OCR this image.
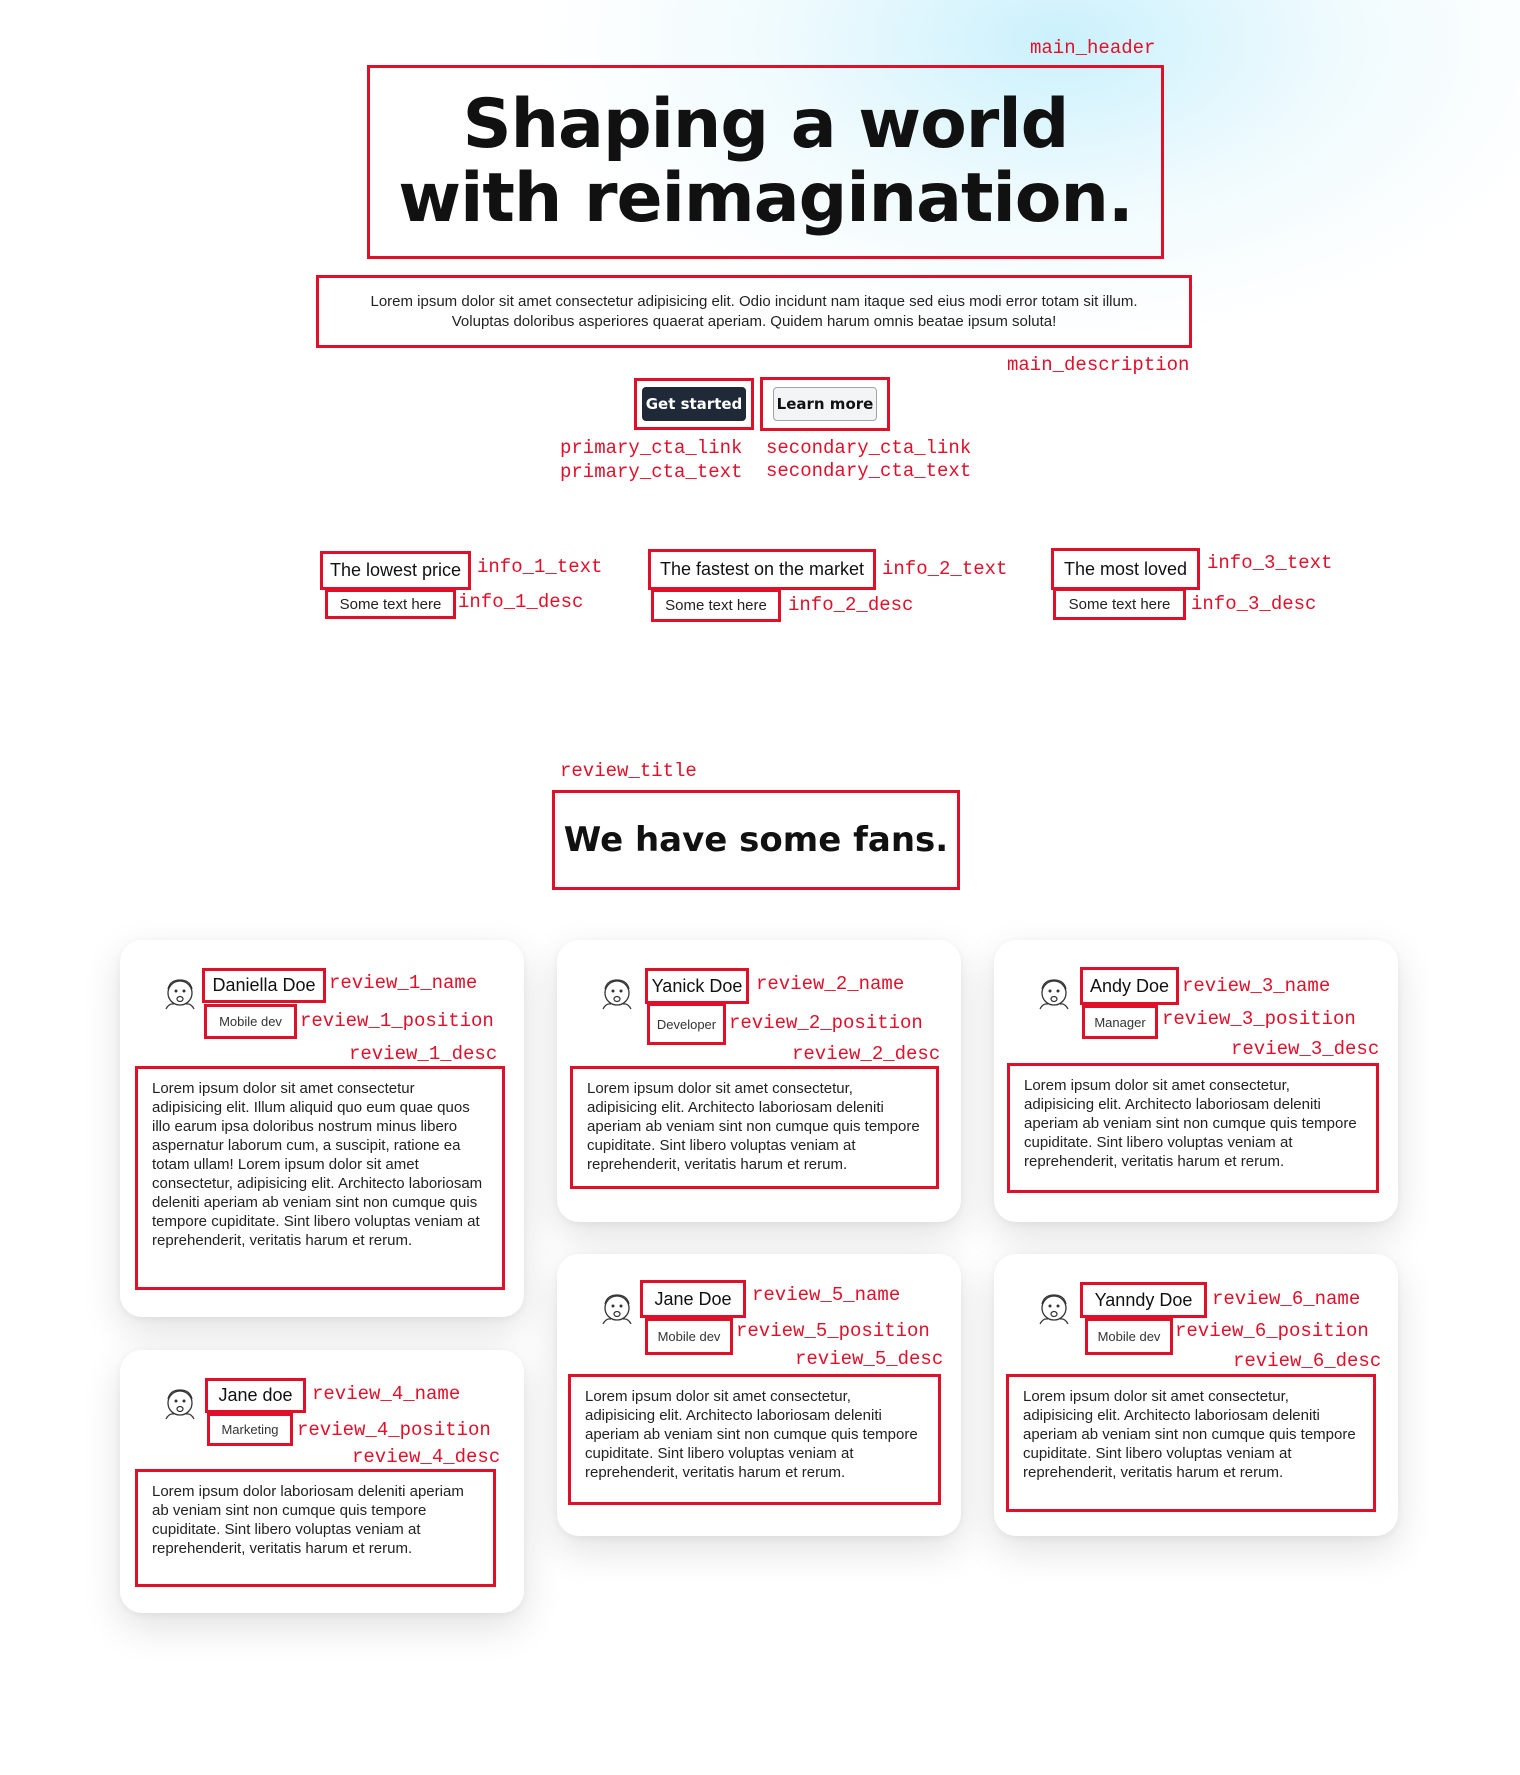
main_header
Shaping a world with reimagination.

Lorem ipsum dolor sit amet consectetur adipisicing elit. Odio incidunt nam itaque sed eius modi error totam sit illum. Voluptas doloribus asperiores quaerat aperiam. Quidem harum omnis beatae ipsum soluta!

main_description
Get started Learn more
primary_cta_link
primary_cta_text
secondary_cta_link
secondary_cta_text
The lowest price info_1_text
Some text here info_1_desc
The fastest on the market info_2_text
Some text here	info_2_desc
The most loved	info_3_text
Some text here	info_3_desc
review_title
We have some fans.
Daniella Doe review_1_name
Mobile dev review_1_position
review_1_desc
Lorem ipsum dolor sit amet consectetur adipisicing elit. Illum aliquid quo eum quae quos illo earum ipsa doloribus nostrum minus libero aspernatur laborum cum, a suscipit, ratione ea totam ullam! Lorem ipsum dolor sit amet consectetur, adipisicing elit. Architecto laboriosam deleniti aperiam ab veniam sint non cumque quis tempore cupiditate. Sint libero voluptas veniam at reprehenderit, veritatis harum et rerum.
Yanick Doe review_2_name
Developer review_2_position
review_2_desc
Lorem ipsum dolor sit amet consectetur, adipisicing elit. Architecto laboriosam deleniti aperiam ab veniam sint non cumque quis tempore cupiditate. Sint libero voluptas veniam at reprehenderit, veritatis harum et rerum.
Andy Doe review_3_name
Manager review_3_position
review_3_desc
Lorem ipsum dolor sit amet consectetur, adipisicing elit. Architecto laboriosam deleniti aperiam ab veniam sint non cumque quis tempore cupiditate. Sint libero voluptas veniam at reprehenderit, veritatis harum et rerum.
Jane doe	review_4_name
Marketing review_4_position
review_4_desc
Lorem ipsum dolor laboriosam deleniti aperiam ab veniam sint non cumque quis tempore cupiditate. Sint libero voluptas veniam at reprehenderit, veritatis harum et rerum.
Jane Doe	review_5_name
Mobile dev review_5_position
review_5_desc
Lorem ipsum dolor sit amet consectetur, adipisicing elit. Architecto laboriosam deleniti aperiam ab veniam sint non cumque quis tempore cupiditate. Sint libero voluptas veniam at reprehenderit, veritatis harum et rerum.
Yanndy Doe	review_6_name
Mobile dev review_6_position
review_6_desc
Lorem ipsum dolor sit amet consectetur, adipisicing elit. Architecto laboriosam deleniti aperiam ab veniam sint non cumque quis tempore cupiditate. Sint libero voluptas veniam at reprehenderit, veritatis harum et rerum.
